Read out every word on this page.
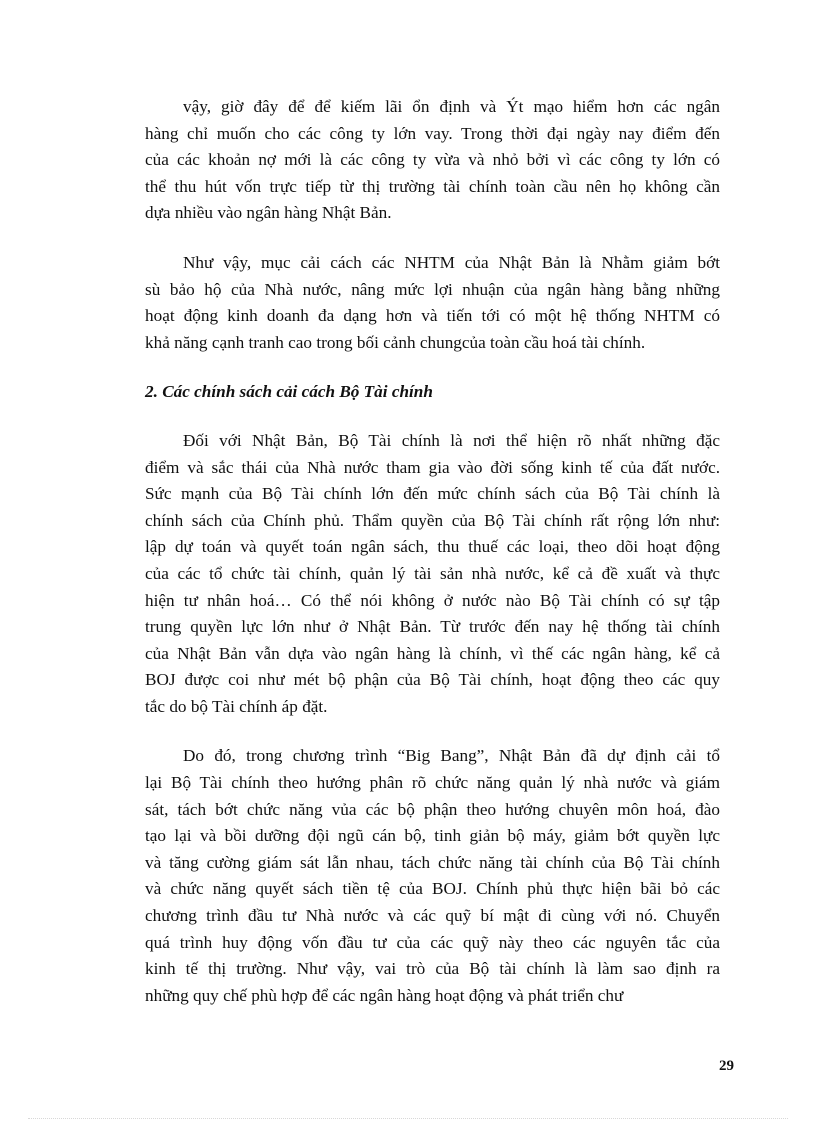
vậy, giờ đây để để kiếm lãi ổn định và Ýt mạo hiểm hơn các ngân
hàng chỉ muốn cho các công ty lớn vay. Trong thời đại ngày nay điểm đến
của các khoản nợ mới là các công ty vừa và nhỏ bởi vì các công ty lớn có
thể thu hút vốn trực tiếp từ thị trường tài chính toàn cầu nên họ không cần
dựa nhiều vào ngân hàng Nhật Bản.

Như vậy, mục cải cách các NHTM của Nhật Bản là Nhằm giảm bớt
sù bảo hộ của Nhà nước, nâng mức lợi nhuận của ngân hàng bằng những
hoạt động kinh doanh đa dạng hơn và tiến tới có một hệ thống NHTM có
khả năng cạnh tranh cao trong bối cảnh chungcủa toàn cầu hoá tài chính.

2. Các chính sách cải cách Bộ Tài chính

Đối với Nhật Bản, Bộ Tài chính là nơi thể hiện rõ nhất những đặc
điểm và sắc thái của Nhà nước tham gia vào đời sống kinh tế của đất nước.
Sức mạnh của Bộ Tài chính lớn đến mức chính sách của Bộ Tài chính là
chính sách của Chính phủ. Thẩm quyền của Bộ Tài chính rất rộng lớn như:
lập dự toán và quyết toán ngân sách, thu thuế các loại, theo dõi hoạt động
của các tổ chức tài chính, quản lý tài sản nhà nước, kể cả đề xuất và thực
hiện tư nhân hoá… Có thể nói không ở nước nào Bộ Tài chính có sự tập
trung quyền lực lớn như ở Nhật Bản. Từ trước đến nay hệ thống tài chính
của Nhật Bản vẫn dựa vào ngân hàng là chính, vì thế các ngân hàng, kể cả
BOJ được coi như mét bộ phận của Bộ Tài chính, hoạt động theo các quy
tắc do bộ Tài chính áp đặt.

Do đó, trong chương trình “Big Bang”, Nhật Bản đã dự định cải tổ
lại Bộ Tài chính theo hướng phân rõ chức năng quản lý nhà nước và giám
sát, tách bớt chức năng vủa các bộ phận theo hướng chuyên môn hoá, đào
tạo lại và bồi dưỡng đội ngũ cán bộ, tinh giản bộ máy, giảm bớt quyền lực
và tăng cường giám sát lẫn nhau, tách chức năng tài chính của Bộ Tài chính
và chức năng quyết sách tiền tệ của BOJ. Chính phủ thực hiện bãi bỏ các
chương trình đầu tư Nhà nước và các quỹ bí mật đi cùng với nó. Chuyển
quá trình huy động vốn đầu tư của các quỹ này theo các nguyên tắc của
kinh tế thị trường. Như vậy, vai trò của Bộ tài chính là làm sao định ra
những quy chế phù hợp để các ngân hàng hoạt động và phát triển chư

29
